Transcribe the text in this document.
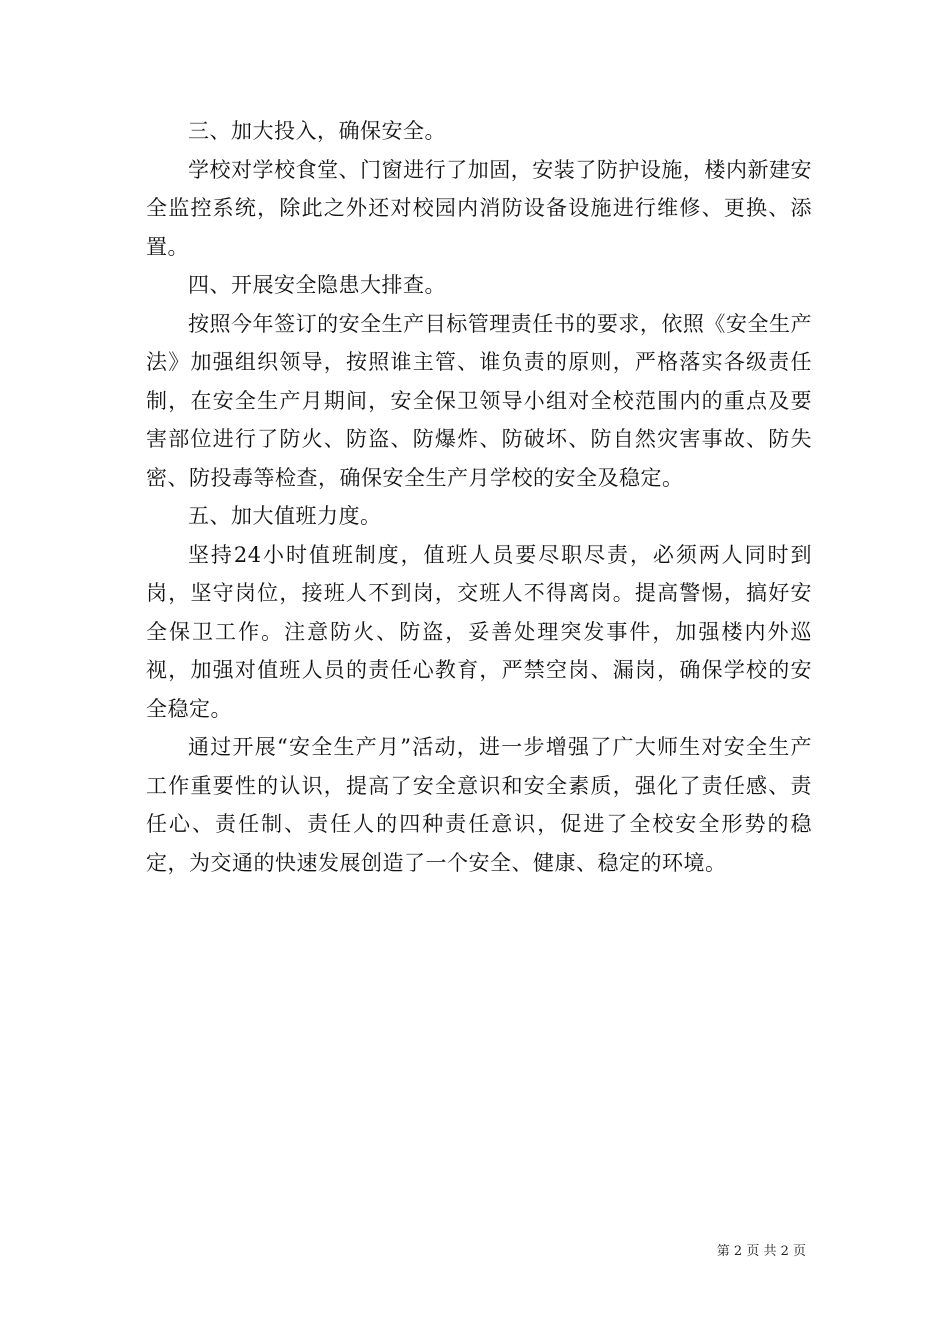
三、加大投入，确保安全。

学校对学校食堂、门窗进行了加固，安装了防护设施，楼内新建安全监控系统，除此之外还对校园内消防设备设施进行维修、更换、添置。

四、开展安全隐患大排查。

按照今年签订的安全生产目标管理责任书的要求，依照《安全生产法》加强组织领导，按照谁主管、谁负责的原则，严格落实各级责任制，在安全生产月期间，安全保卫领导小组对全校范围内的重点及要害部位进行了防火、防盗、防爆炸、防破坏、防自然灾害事故、防失密、防投毒等检查，确保安全生产月学校的安全及稳定。

五、加大值班力度。

坚持24小时值班制度，值班人员要尽职尽责，必须两人同时到岗，坚守岗位，接班人不到岗，交班人不得离岗。提高警惕，搞好安全保卫工作。注意防火、防盗，妥善处理突发事件，加强楼内外巡视，加强对值班人员的责任心教育，严禁空岗、漏岗，确保学校的安全稳定。

通过开展“安全生产月”活动，进一步增强了广大师生对安全生产工作重要性的认识，提高了安全意识和安全素质，强化了责任感、责任心、责任制、责任人的四种责任意识，促进了全校安全形势的稳定，为交通的快速发展创造了一个安全、健康、稳定的环境。

第 2 页 共 2 页
